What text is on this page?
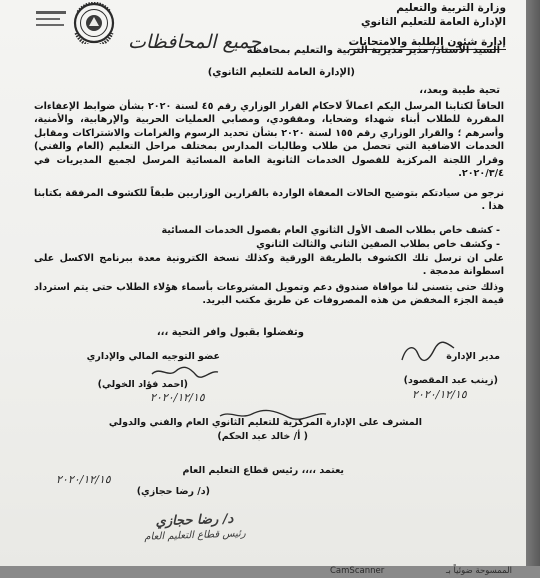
وزارة التربية والتعليم
الإدارة العامة للتعليم الثانوي
إدارة شئون الطلبة والامتحانات
السيد الأستاذ/ مدير مديرية التربية والتعليم بمحافظة
جميع المحافظات
(الإدارة العامة للتعليم الثانوي)
تحية طيبة وبعد،،
الحاقاً لكتابنا المرسل اليكم اعمالاً لاحكام القرار الوزاري رقم ٤٥ لسنة ٢٠٢٠ بشأن ضوابط الإعفاءات المقررة للطلاب أبناء شهداء وضحايا، ومفقودي، ومصابي العمليات الحربية والإرهابية، والأمنية، وأسرهم ؛ والقرار الوزاري رقم ١٥٥ لسنة ٢٠٢٠ بشأن تحديد الرسوم والغرامات والاشتراكات ومقابل الخدمات الاضافية التي تحصل من طلاب وطالبات المدارس بمختلف مراحل التعليم (العام والفني) وقرار اللجنة المركزية للفصول الخدمات الثانوية العامة المسائية المرسل لجميع المديريات في ٢٠٢٠/٣/٤.
نرجو من سيادتكم بتوضيح الحالات المعفاة الواردة بالقرارين الوزاريين طبقاً للكشوف المرفقة بكتابنا هذا .
- كشف خاص بطلاب الصف الأول الثانوي العام بفصول الخدمات المسائية
- وكشف خاص بطلاب الصفين الثاني والثالث الثانوي
على ان ترسل تلك الكشوف بالطريقة الورقية وكذلك نسخة الكترونية معدة ببرنامج الاكسل على اسطوانة مدمجة .
وذلك حتى يتسنى لنا موافاة صندوق دعم وتمويل المشروعات بأسماء هؤلاء الطلاب حتى يتم استرداد قيمة الجزء المخفض من هذه المصروفات عن طريق مكتب البريد.
وتفضلوا بقبول وافر التحية ،،،
عضو التوجيه المالي والإداري
(احمد فؤاد الخولي)
٢٠٢٠/١٢/١٥
مدير الإدارة
(زينب عبد المقصود)
٢٠٢٠/١٢/١٥
المشرف على الإدارة المركزية للتعليم الثانوي العام والفني والدولي
( أ/ خالد عبد الحكم)
يعتمد ،،،، رئيس قطاع التعليم العام
٢٠٢٠/١٢/١٥
(د/ رضا حجازي)
د/ رضا حجازي
رئيس قطاع التعليم العام
CamScanner	الممسوحة ضوئياً بـ
